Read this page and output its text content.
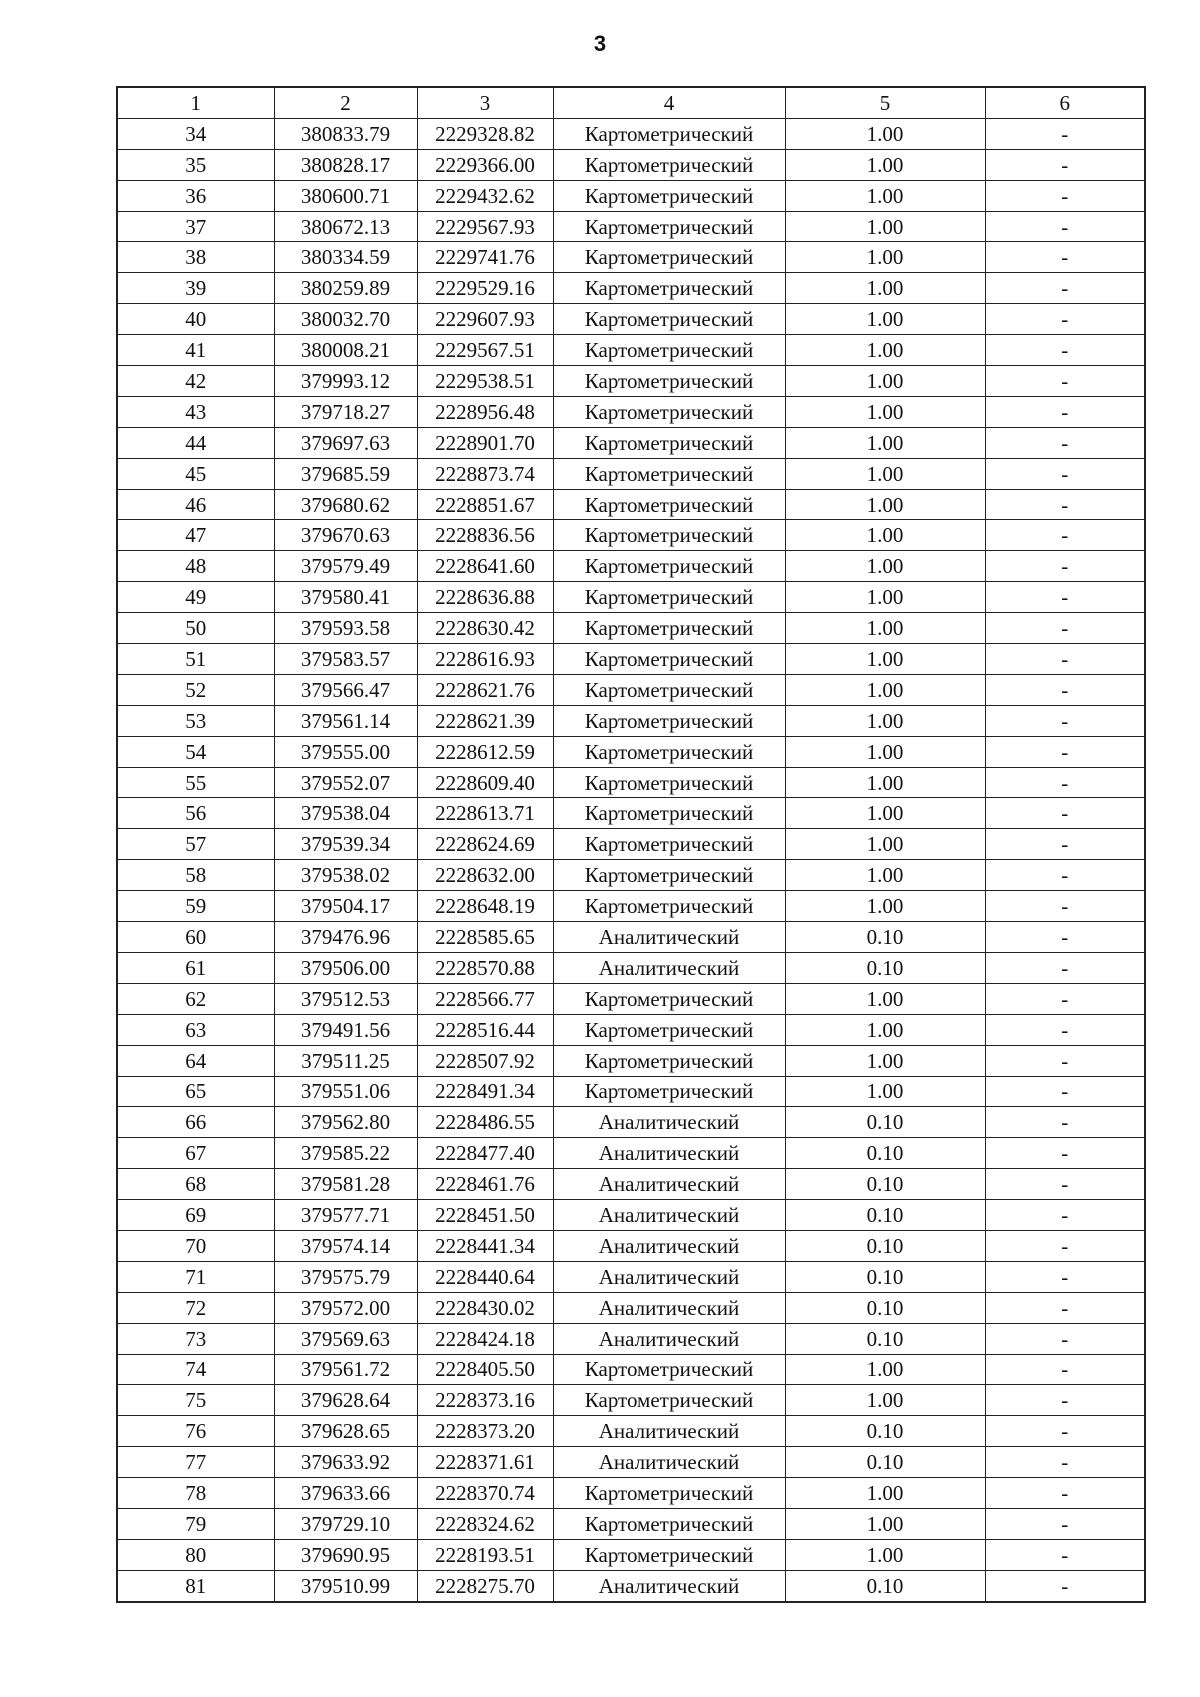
3
1	2	3	4	5	6
34	380833.79	2229328.82	Картометрический	1.00	-
35	380828.17	2229366.00	Картометрический	1.00	-
36	380600.71	2229432.62	Картометрический	1.00	-
37	380672.13	2229567.93	Картометрический	1.00	-
38	380334.59	2229741.76	Картометрический	1.00	-
39	380259.89	2229529.16	Картометрический	1.00	-
40	380032.70	2229607.93	Картометрический	1.00	-
41	380008.21	2229567.51	Картометрический	1.00	-
42	379993.12	2229538.51	Картометрический	1.00	-
43	379718.27	2228956.48	Картометрический	1.00	-
44	379697.63	2228901.70	Картометрический	1.00	-
45	379685.59	2228873.74	Картометрический	1.00	-
46	379680.62	2228851.67	Картометрический	1.00	-
47	379670.63	2228836.56	Картометрический	1.00	-
48	379579.49	2228641.60	Картометрический	1.00	-
49	379580.41	2228636.88	Картометрический	1.00	-
50	379593.58	2228630.42	Картометрический	1.00	-
51	379583.57	2228616.93	Картометрический	1.00	-
52	379566.47	2228621.76	Картометрический	1.00	-
53	379561.14	2228621.39	Картометрический	1.00	-
54	379555.00	2228612.59	Картометрический	1.00	-
55	379552.07	2228609.40	Картометрический	1.00	-
56	379538.04	2228613.71	Картометрический	1.00	-
57	379539.34	2228624.69	Картометрический	1.00	-
58	379538.02	2228632.00	Картометрический	1.00	-
59	379504.17	2228648.19	Картометрический	1.00	-
60	379476.96	2228585.65	Аналитический	0.10	-
61	379506.00	2228570.88	Аналитический	0.10	-
62	379512.53	2228566.77	Картометрический	1.00	-
63	379491.56	2228516.44	Картометрический	1.00	-
64	379511.25	2228507.92	Картометрический	1.00	-
65	379551.06	2228491.34	Картометрический	1.00	-
66	379562.80	2228486.55	Аналитический	0.10	-
67	379585.22	2228477.40	Аналитический	0.10	-
68	379581.28	2228461.76	Аналитический	0.10	-
69	379577.71	2228451.50	Аналитический	0.10	-
70	379574.14	2228441.34	Аналитический	0.10	-
71	379575.79	2228440.64	Аналитический	0.10	-
72	379572.00	2228430.02	Аналитический	0.10	-
73	379569.63	2228424.18	Аналитический	0.10	-
74	379561.72	2228405.50	Картометрический	1.00	-
75	379628.64	2228373.16	Картометрический	1.00	-
76	379628.65	2228373.20	Аналитический	0.10	-
77	379633.92	2228371.61	Аналитический	0.10	-
78	379633.66	2228370.74	Картометрический	1.00	-
79	379729.10	2228324.62	Картометрический	1.00	-
80	379690.95	2228193.51	Картометрический	1.00	-
81	379510.99	2228275.70	Аналитический	0.10	-
